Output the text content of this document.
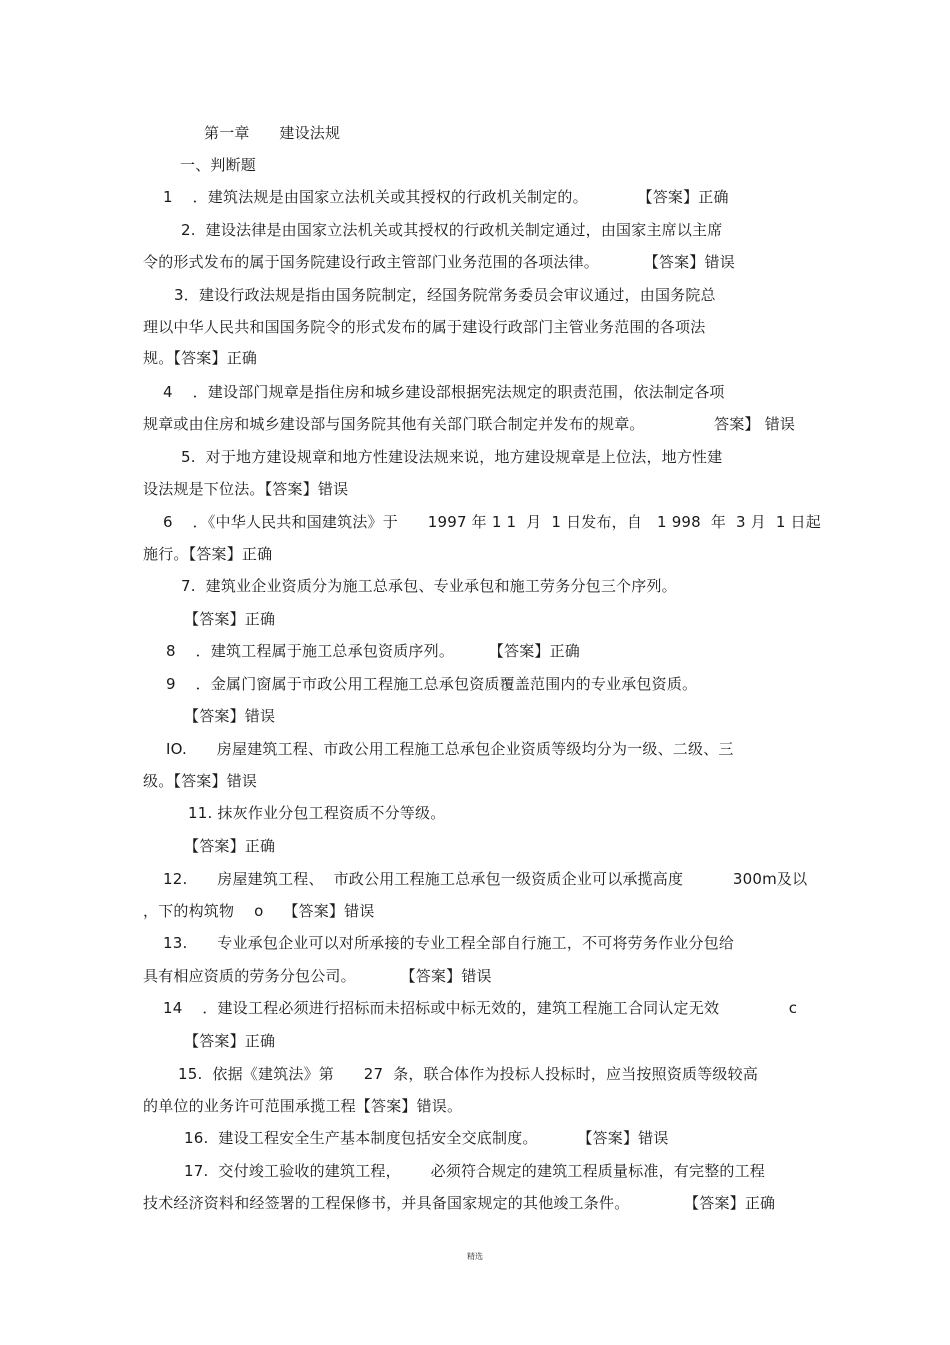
第一章      建设法规
一、判断题
1    ．建筑法规是由国家立法机关或其授权的行政机关制定的。          【答案】正确
2.  建设法律是由国家立法机关或其授权的行政机关制定通过，由国家主席以主席
令的形式发布的属于国务院建设行政主管部门业务范围的各项法律。         【答案】错误
3．建设行政法规是指由国务院制定，经国务院常务委员会审议通过，由国务院总
理以中华人民共和国国务院令的形式发布的属于建设行政部门主管业务范围的各项法
规。【答案】正确
4    ．建设部门规章是指住房和城乡建设部根据宪法规定的职责范围，依法制定各项
规章或由住房和城乡建设部与国务院其他有关部门联合制定并发布的规章。              答案】 错误
5.  对于地方建设规章和地方性建设法规来说，地方建设规章是上位法，地方性建
设法规是下位法。【答案】错误
6    ．《中华人民共和国建筑法》于      1997 年 1 1  月  1 日发布，自   1 998  年  3 月  1 日起
施行。【答案】正确
7.  建筑业企业资质分为施工总承包、专业承包和施工劳务分包三个序列。
【答案】正确
8    ．建筑工程属于施工总承包资质序列。       【答案】正确
9    ．金属门窗属于市政公用工程施工总承包资质覆盖范围内的专业承包资质。
【答案】错误
IO.      房屋建筑工程、市政公用工程施工总承包企业资质等级均分为一级、二级、三
级。【答案】错误
11. 抹灰作业分包工程资质不分等级。
【答案】正确
12.      房屋建筑工程、  市政公用工程施工总承包一级资质企业可以承揽高度          300m及以
，下的构筑物    o    【答案】错误
13.      专业承包企业可以对所承接的专业工程全部自行施工，不可将劳务作业分包给
具有相应资质的劳务分包公司。         【答案】错误
14    ．建设工程必须进行招标而未招标或中标无效的，建筑工程施工合同认定无效              c
【答案】正确
15.  依据《建筑法》第      27  条，联合体作为投标人投标时，应当按照资质等级较高
的单位的业务许可范围承揽工程【答案】错误。
16.  建设工程安全生产基本制度包括安全交底制度。        【答案】错误
17.  交付竣工验收的建筑工程，      必须符合规定的建筑工程质量标准，有完整的工程
技术经济资料和经签署的工程保修书，并具备国家规定的其他竣工条件。           【答案】正确
精选
